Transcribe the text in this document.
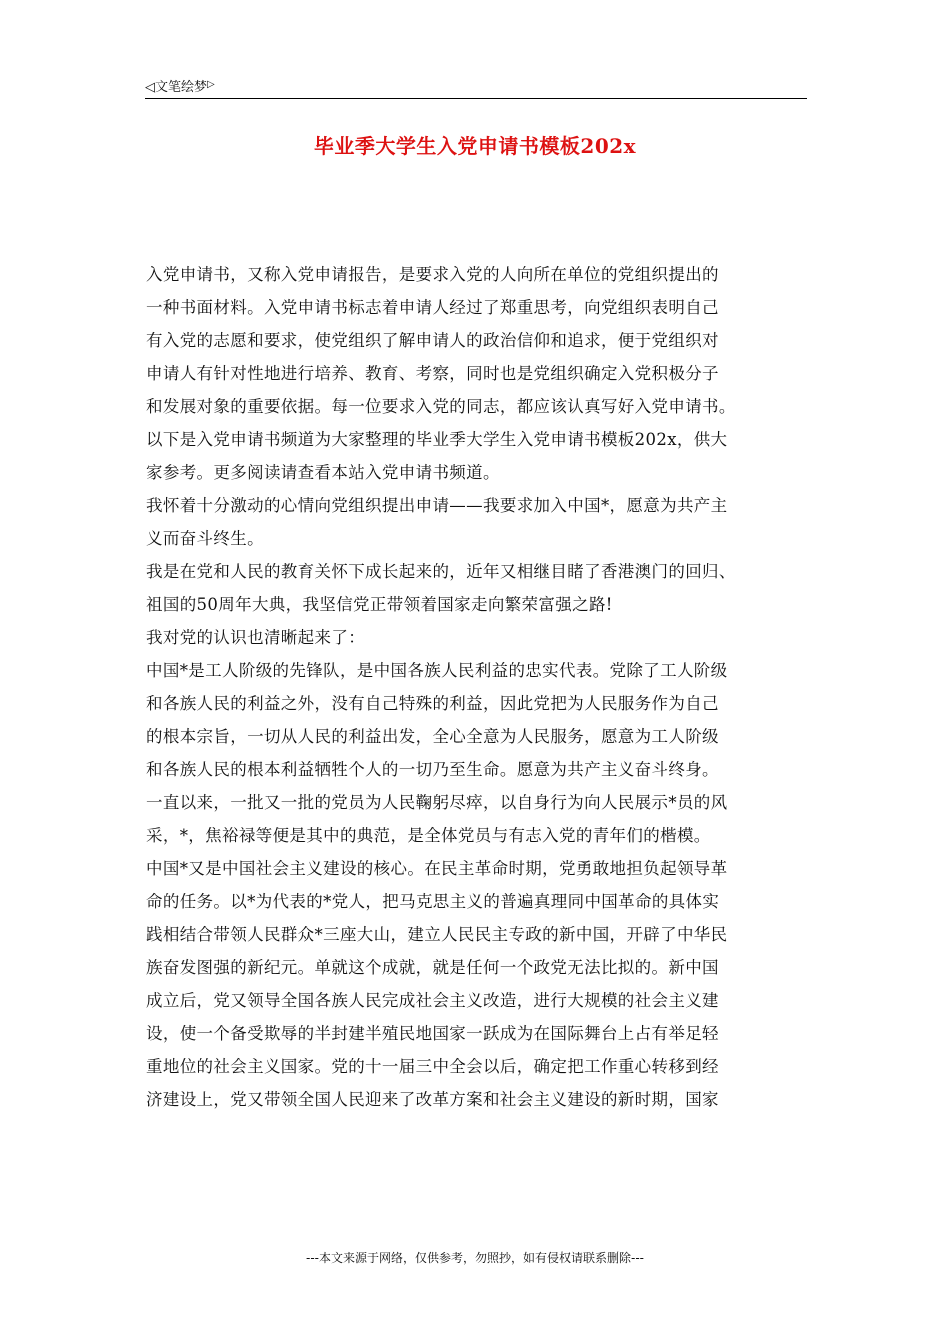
◁文笔绘梦▷
毕业季大学生入党申请书模板202x
入党申请书，又称入党申请报告，是要求入党的人向所在单位的党组织提出的
一种书面材料。入党申请书标志着申请人经过了郑重思考，向党组织表明自己
有入党的志愿和要求，使党组织了解申请人的政治信仰和追求，便于党组织对
申请人有针对性地进行培养、教育、考察，同时也是党组织确定入党积极分子
和发展对象的重要依据。每一位要求入党的同志，都应该认真写好入党申请书。
以下是入党申请书频道为大家整理的毕业季大学生入党申请书模板202x，供大
家参考。更多阅读请查看本站入党申请书频道。
我怀着十分激动的心情向党组织提出申请——我要求加入中国*，愿意为共产主
义而奋斗终生。
我是在党和人民的教育关怀下成长起来的，近年又相继目睹了香港澳门的回归、
祖国的50周年大典，我坚信党正带领着国家走向繁荣富强之路!
我对党的认识也清晰起来了：
中国*是工人阶级的先锋队，是中国各族人民利益的忠实代表。党除了工人阶级
和各族人民的利益之外，没有自己特殊的利益，因此党把为人民服务作为自己
的根本宗旨，一切从人民的利益出发，全心全意为人民服务，愿意为工人阶级
和各族人民的根本利益牺牲个人的一切乃至生命。愿意为共产主义奋斗终身。
一直以来，一批又一批的党员为人民鞠躬尽瘁，以自身行为向人民展示*员的风
采，*，焦裕禄等便是其中的典范，是全体党员与有志入党的青年们的楷模。
中国*又是中国社会主义建设的核心。在民主革命时期，党勇敢地担负起领导革
命的任务。以*为代表的*党人，把马克思主义的普遍真理同中国革命的具体实
践相结合带领人民群众*三座大山，建立人民民主专政的新中国，开辟了中华民
族奋发图强的新纪元。单就这个成就，就是任何一个政党无法比拟的。新中国
成立后，党又领导全国各族人民完成社会主义改造，进行大规模的社会主义建
设，使一个备受欺辱的半封建半殖民地国家一跃成为在国际舞台上占有举足轻
重地位的社会主义国家。党的十一届三中全会以后，确定把工作重心转移到经
济建设上，党又带领全国人民迎来了改革方案和社会主义建设的新时期，国家
---本文来源于网络，仅供参考，勿照抄，如有侵权请联系删除---
